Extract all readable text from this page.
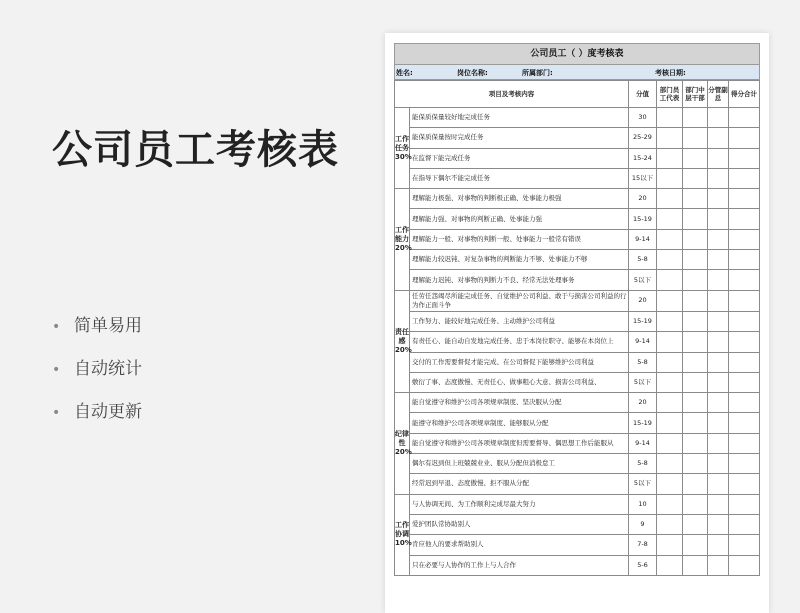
公司员工考核表
• 简单易用
• 自动统计
• 自动更新
公司员工（ ）度考核表
姓名:	岗位名称:	所属部门:	考核日期:
项目及考核内容		分值	部门员工代表	部门中层干部	分管副总	得分合计
工作任务30%	能保质保量较好地完成任务	30				
	能保质保量按时完成任务	25-29				
	在监督下能完成任务	15-24				
	在指导下偶尔不能完成任务	15以下				
工作能力20%	理解能力极强、对事物的判断极正确、处事能力极强	20				
	理解能力强、对事物的判断正确、处事能力强	15-19				
	理解能力一般、对事物的判断一般、处事能力一般常有错误	9-14				
	理解能力较迟钝、对复杂事物的判断能力不够、处事能力不够	5-8				
	理解能力迟钝、对事物的判断力不良、经常无法处理事务	5以下				
责任感20%	任劳任怨竭尽所能完成任务、自觉维护公司利益、敢于与损害公司利益的行为作正面斗争	20				
	工作努力、能较好地完成任务、主动维护公司利益	15-19				
	有责任心、能自动自发地完成任务、忠于本岗位职守、能够在本岗位上	9-14				
	交付的工作需要督促才能完成、在公司督促下能够维护公司利益	5-8				
	敷衍了事、态度傲慢、无责任心、做事粗心大意、损害公司利益、	5以下				
纪律性20%	能自觉遵守和维护公司各项规章制度、坚决服从分配	20				
	能遵守和维护公司各项规章制度、能够服从分配	15-19				
	能自觉遵守和维护公司各项规章制度但需要督导、偶思想工作后能服从	9-14				
	偶尔有迟到但上班兢兢业业、服从分配但消极怠工	5-8				
	经常迟到早退、态度傲慢、拒不服从分配	5以下				
工作协调10%	与人协调无间、为工作顺利完成尽最大努力	10				
	爱护团队常协助别人	9				
	肯应他人的要求帮助别人	7-8				
	只在必要与人协作的工作上与人合作	5-6				
